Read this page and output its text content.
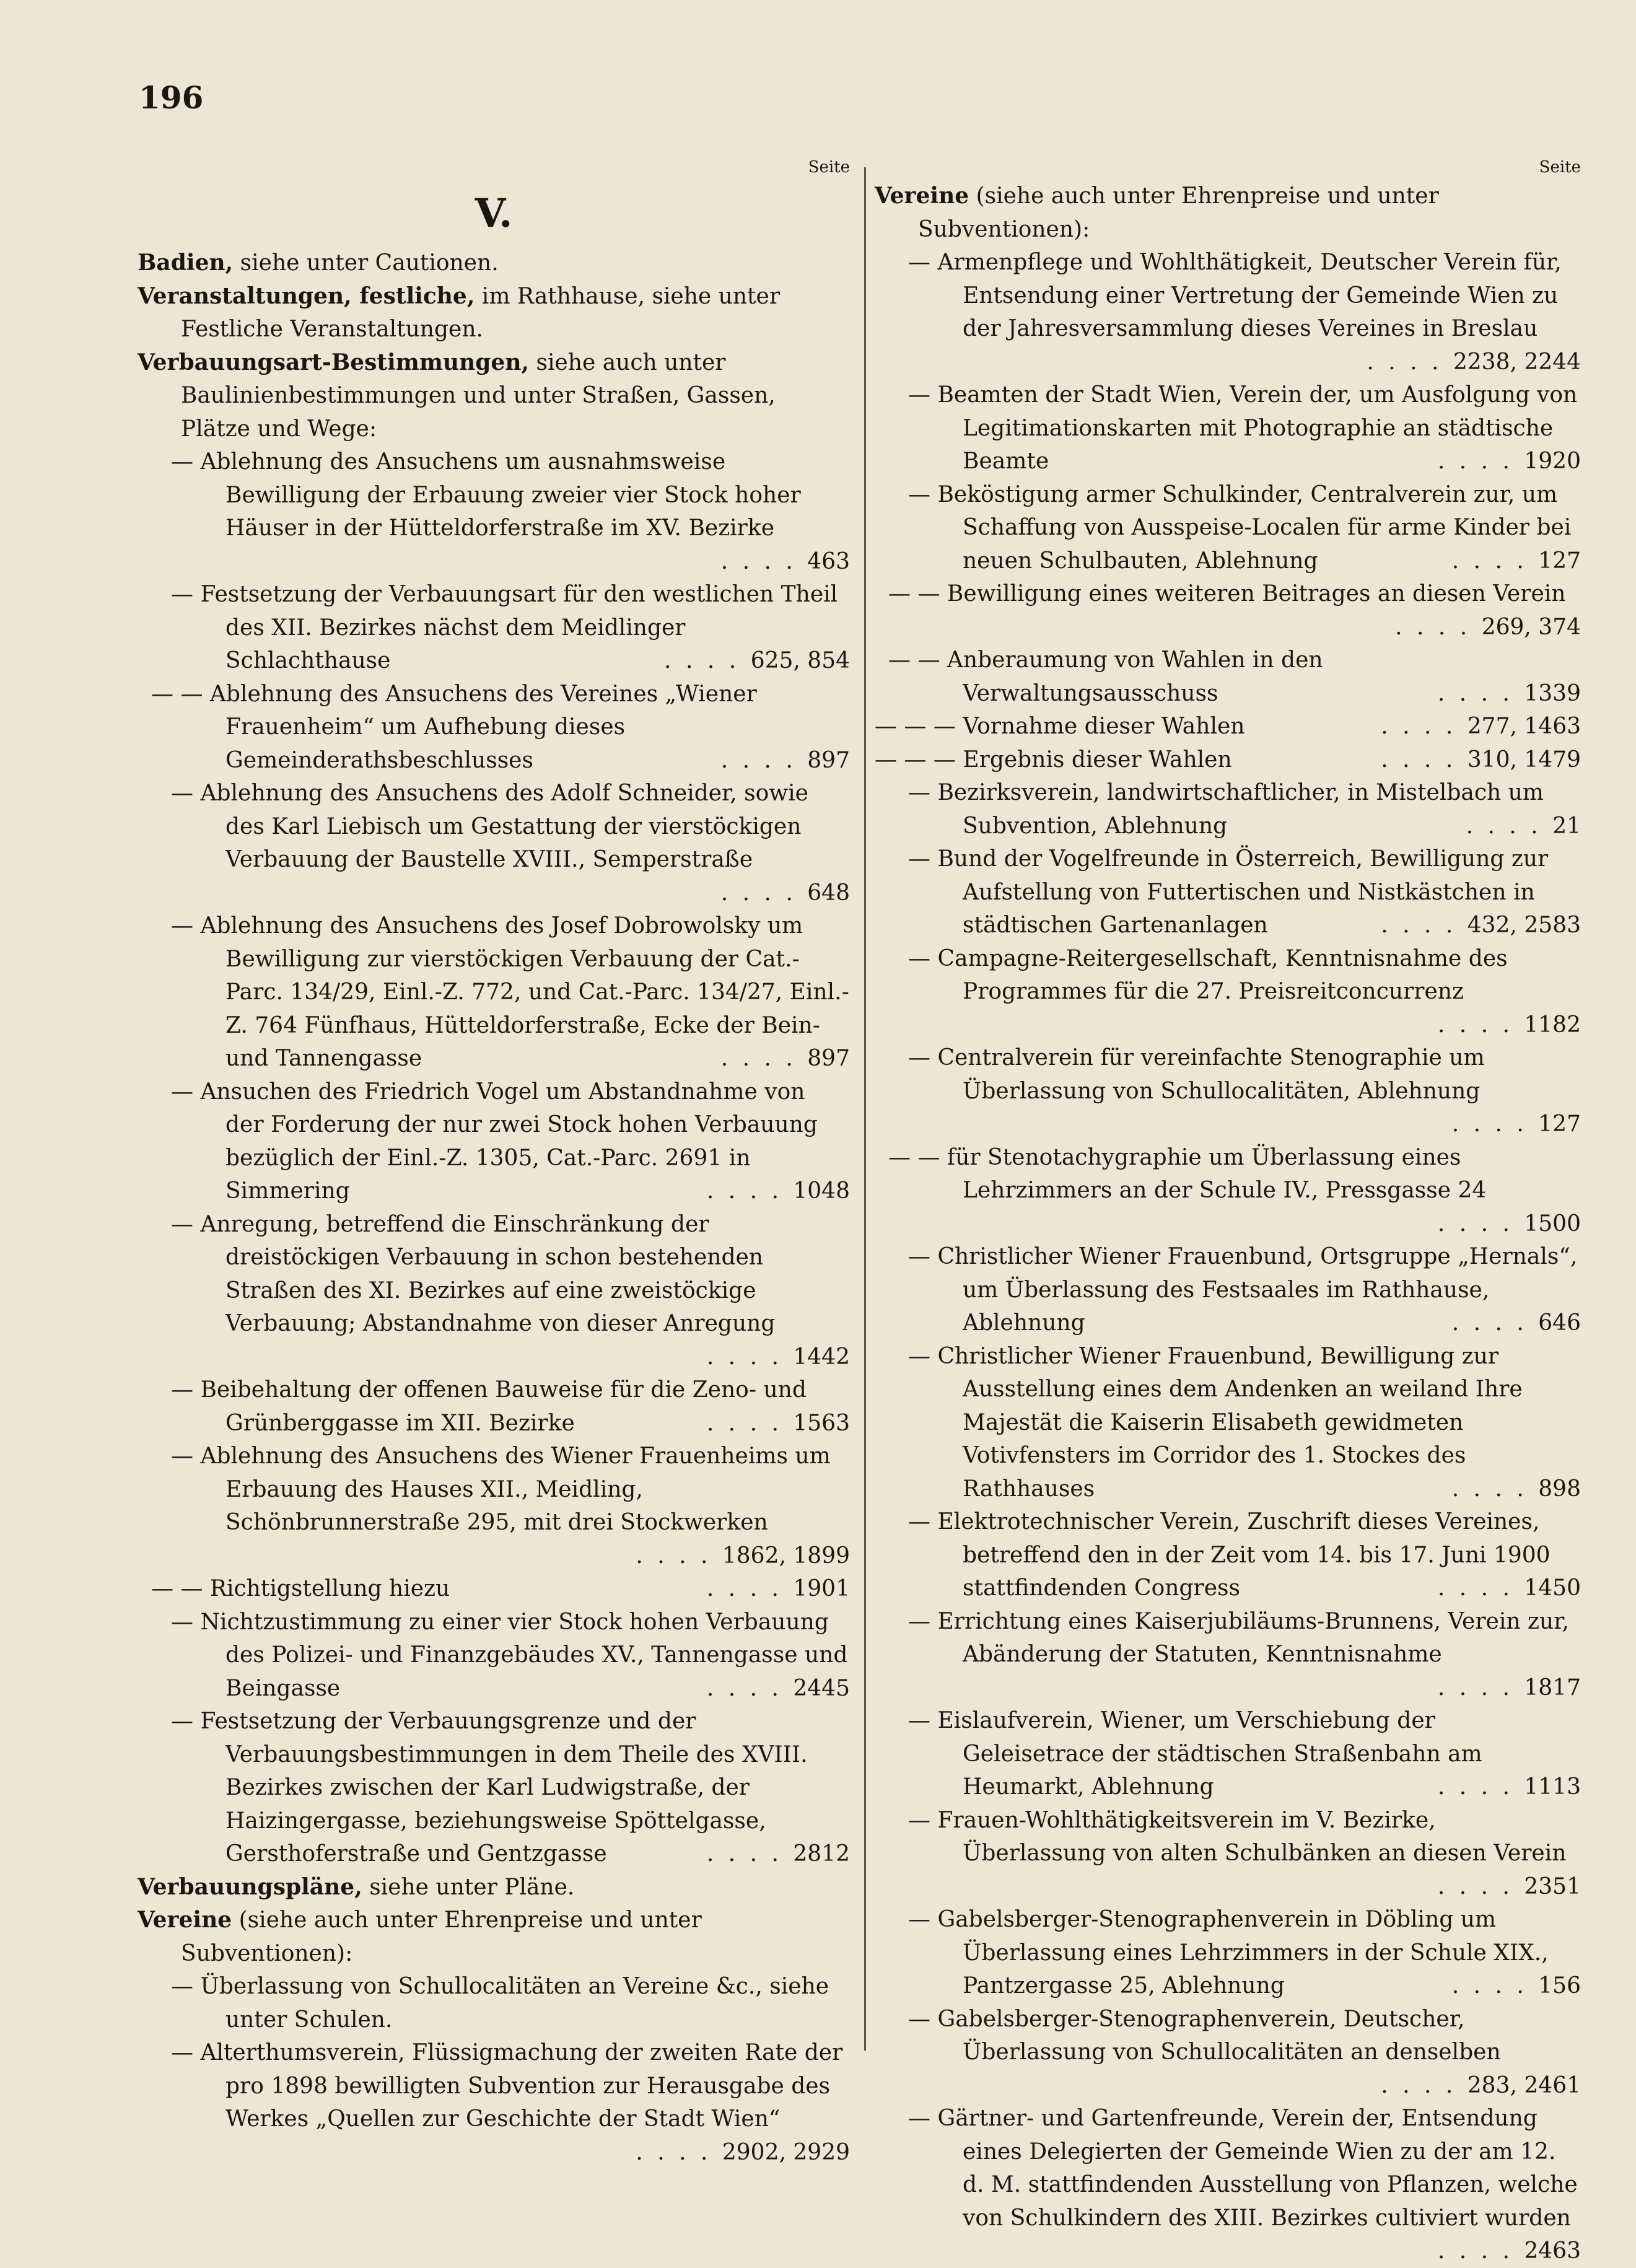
196
Seite
V.
Badien, siehe unter Cautionen.
Veranstaltungen, festliche, im Rathhause, siehe unter Festliche Veranstaltungen.
Verbauungsart-Bestimmungen, siehe auch unter Baulinienbestimmungen und unter Straßen, Gassen, Plätze und Wege:
— Ablehnung des Ansuchens um ausnahmsweise Bewilligung der Erbauung zweier vier Stock hoher Häuser in der Hütteldorferstraße im XV. Bezirke
. . . . 463
— Festsetzung der Verbauungsart für den westlichen Theil des XII. Bezirkes nächst dem Meidlinger Schlachthause	. . . . 625, 854
— — Ablehnung des Ansuchens des Vereines „Wiener Frauenheim“ um Aufhebung dieses Gemeinderathsbeschlusses	. . . . 897
— Ablehnung des Ansuchens des Adolf Schneider, sowie des Karl Liebisch um Gestattung der vierstöckigen Verbauung der Baustelle XVIII., Semperstraße
. . . . 648
— Ablehnung des Ansuchens des Josef Dobrowolsky um Bewilligung zur vierstöckigen Verbauung der Cat.-Parc. 134/29, Einl.-Z. 772, und Cat.-Parc. 134/27, Einl.-Z. 764 Fünfhaus, Hütteldorferstraße, Ecke der Bein- und Tannengasse	. . . . 897
— Ansuchen des Friedrich Vogel um Abstandnahme von der Forderung der nur zwei Stock hohen Verbauung bezüglich der Einl.-Z. 1305, Cat.-Parc. 2691 in Simmering	. . . . 1048
— Anregung, betreffend die Einschränkung der dreistöckigen Verbauung in schon bestehenden Straßen des XI. Bezirkes auf eine zweistöckige Verbauung; Abstandnahme von dieser Anregung
. . . . 1442
— Beibehaltung der offenen Bauweise für die Zeno- und Grünberggasse im XII. Bezirke	. . . . 1563
— Ablehnung des Ansuchens des Wiener Frauenheims um Erbauung des Hauses XII., Meidling, Schönbrunnerstraße 295, mit drei Stockwerken
. . . . 1862, 1899
— — Richtigstellung hiezu	. . . . 1901
— Nichtzustimmung zu einer vier Stock hohen Verbauung des Polizei- und Finanzgebäudes XV., Tannengasse und Beingasse	. . . . 2445
— Festsetzung der Verbauungsgrenze und der Verbauungsbestimmungen in dem Theile des XVIII. Bezirkes zwischen der Karl Ludwigstraße, der Haizingergasse, beziehungsweise Spöttelgasse, Gersthoferstraße und Gentzgasse	. . . . 2812
Verbauungspläne, siehe unter Pläne.
Vereine (siehe auch unter Ehrenpreise und unter Subventionen):
— Überlassung von Schullocalitäten an Vereine &c., siehe unter Schulen.
— Alterthumsverein, Flüssigmachung der zweiten Rate der pro 1898 bewilligten Subvention zur Herausgabe des Werkes „Quellen zur Geschichte der Stadt Wien“
. . . . 2902, 2929
Seite
Vereine (siehe auch unter Ehrenpreise und unter Subventionen):
— Armenpflege und Wohlthätigkeit, Deutscher Verein für, Entsendung einer Vertretung der Gemeinde Wien zu der Jahresversammlung dieses Vereines in Breslau
. . . . 2238, 2244
— Beamten der Stadt Wien, Verein der, um Ausfolgung von Legitimationskarten mit Photographie an städtische Beamte	. . . . 1920
— Beköstigung armer Schulkinder, Centralverein zur, um Schaffung von Ausspeise-Localen für arme Kinder bei neuen Schulbauten, Ablehnung	. . . . 127
— — Bewilligung eines weiteren Beitrages an diesen Verein
. . . . 269, 374
— — Anberaumung von Wahlen in den Verwaltungsausschuss	. . . . 1339
— — — Vornahme dieser Wahlen	. . . . 277, 1463
— — — Ergebnis dieser Wahlen	. . . . 310, 1479
— Bezirksverein, landwirtschaftlicher, in Mistelbach um Subvention, Ablehnung	. . . . 21
— Bund der Vogelfreunde in Österreich, Bewilligung zur Aufstellung von Futtertischen und Nistkästchen in städtischen Gartenanlagen	. . . . 432, 2583
— Campagne-Reitergesellschaft, Kenntnisnahme des Programmes für die 27. Preisreitconcurrenz
. . . . 1182
— Centralverein für vereinfachte Stenographie um Überlassung von Schullocalitäten, Ablehnung
. . . . 127
— — für Stenotachygraphie um Überlassung eines Lehrzimmers an der Schule IV., Pressgasse 24
. . . . 1500
— Christlicher Wiener Frauenbund, Ortsgruppe „Hernals“, um Überlassung des Festsaales im Rathhause, Ablehnung	. . . . 646
— Christlicher Wiener Frauenbund, Bewilligung zur Ausstellung eines dem Andenken an weiland Ihre Majestät die Kaiserin Elisabeth gewidmeten Votivfensters im Corridor des 1. Stockes des Rathhauses	. . . . 898
— Elektrotechnischer Verein, Zuschrift dieses Vereines, betreffend den in der Zeit vom 14. bis 17. Juni 1900 stattfindenden Congress	. . . . 1450
— Errichtung eines Kaiserjubiläums-Brunnens, Verein zur, Abänderung der Statuten, Kenntnisnahme
. . . . 1817
— Eislaufverein, Wiener, um Verschiebung der Geleisetrace der städtischen Straßenbahn am Heumarkt, Ablehnung	. . . . 1113
— Frauen-Wohlthätigkeitsverein im V. Bezirke, Überlassung von alten Schulbänken an diesen Verein
. . . . 2351
— Gabelsberger-Stenographenverein in Döbling um Überlassung eines Lehrzimmers in der Schule XIX., Pantzergasse 25, Ablehnung	. . . . 156
— Gabelsberger-Stenographenverein, Deutscher, Überlassung von Schullocalitäten an denselben
. . . . 283, 2461
— Gärtner- und Gartenfreunde, Verein der, Entsendung eines Delegierten der Gemeinde Wien zu der am 12. d. M. stattfindenden Ausstellung von Pflanzen, welche von Schulkindern des XIII. Bezirkes cultiviert wurden
. . . . 2463
